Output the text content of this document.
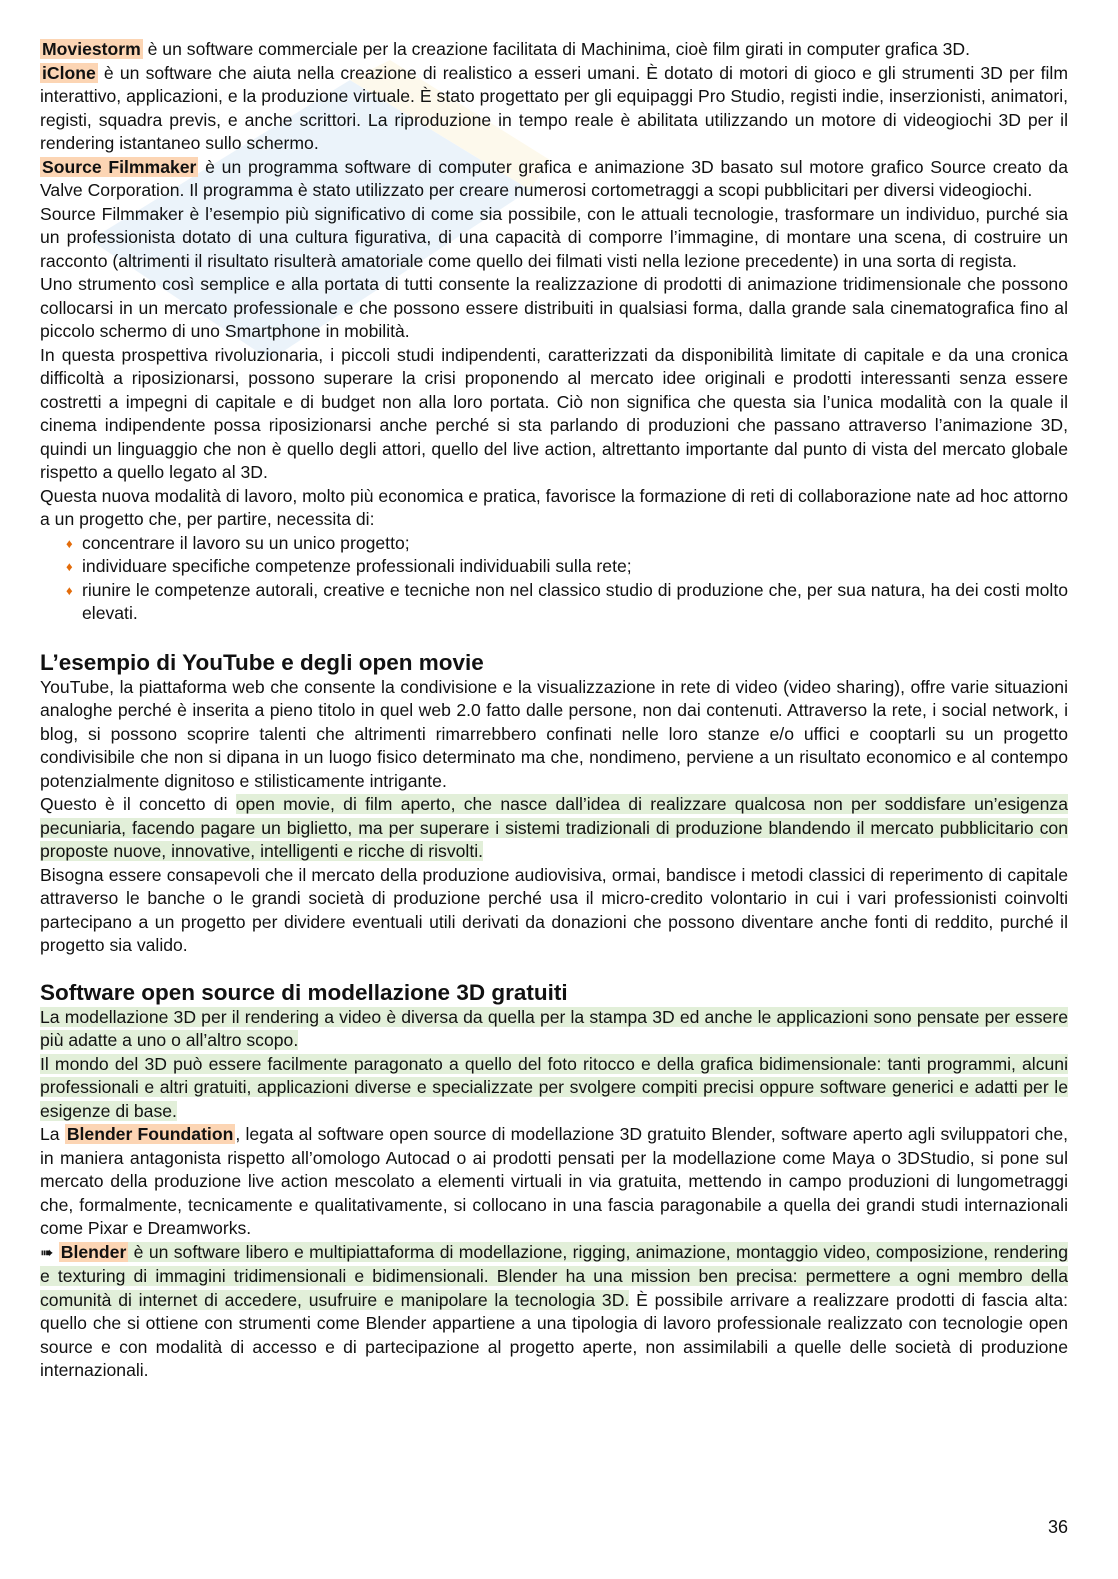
Moviestorm è un software commerciale per la creazione facilitata di Machinima, cioè film girati in computer grafica 3D.

iClone è un software che aiuta nella creazione di realistico a esseri umani. È dotato di motori di gioco e gli strumenti 3D per film interattivo, applicazioni, e la produzione virtuale. È stato progettato per gli equipaggi Pro Studio, registi indie, inserzionisti, animatori, registi, squadra previs, e anche scrittori. La riproduzione in tempo reale è abilitata utilizzando un motore di videogiochi 3D per il rendering istantaneo sullo schermo.

Source Filmmaker è un programma software di computer grafica e animazione 3D basato sul motore grafico Source creato da Valve Corporation. Il programma è stato utilizzato per creare numerosi cortometraggi a scopi pubblicitari per diversi videogiochi.

Source Filmmaker è l’esempio più significativo di come sia possibile, con le attuali tecnologie, trasformare un individuo, purché sia un professionista dotato di una cultura figurativa, di una capacità di comporre l’immagine, di montare una scena, di costruire un racconto (altrimenti il risultato risulterà amatoriale come quello dei filmati visti nella lezione precedente) in una sorta di regista.

Uno strumento così semplice e alla portata di tutti consente la realizzazione di prodotti di animazione tridimensionale che possono collocarsi in un mercato professionale e che possono essere distribuiti in qualsiasi forma, dalla grande sala cinematografica fino al piccolo schermo di uno Smartphone in mobilità.

In questa prospettiva rivoluzionaria, i piccoli studi indipendenti, caratterizzati da disponibilità limitate di capitale e da una cronica difficoltà a riposizionarsi, possono superare la crisi proponendo al mercato idee originali e prodotti interessanti senza essere costretti a impegni di capitale e di budget non alla loro portata. Ciò non significa che questa sia l’unica modalità con la quale il cinema indipendente possa riposizionarsi anche perché si sta parlando di produzioni che passano attraverso l’animazione 3D, quindi un linguaggio che non è quello degli attori, quello del live action, altrettanto importante dal punto di vista del mercato globale rispetto a quello legato al 3D.

Questa nuova modalità di lavoro, molto più economica e pratica, favorisce la formazione di reti di collaborazione nate ad hoc attorno a un progetto che, per partire, necessita di:

♦ concentrare il lavoro su un unico progetto;
♦ individuare specifiche competenze professionali individuabili sulla rete;
♦ riunire le competenze autorali, creative e tecniche non nel classico studio di produzione che, per sua natura, ha dei costi molto elevati.
L’esempio di YouTube e degli open movie

YouTube, la piattaforma web che consente la condivisione e la visualizzazione in rete di video (video sharing), offre varie situazioni analoghe perché è inserita a pieno titolo in quel web 2.0 fatto dalle persone, non dai contenuti. Attraverso la rete, i social network, i blog, si possono scoprire talenti che altrimenti rimarrebbero confinati nelle loro stanze e/o uffici e cooptarli su un progetto condivisibile che non si dipana in un luogo fisico determinato ma che, nondimeno, perviene a un risultato economico e al contempo potenzialmente dignitoso e stilisticamente intrigante.

Questo è il concetto di open movie, di film aperto, che nasce dall’idea di realizzare qualcosa non per soddisfare un’esigenza pecuniaria, facendo pagare un biglietto, ma per superare i sistemi tradizionali di produzione blandendo il mercato pubblicitario con proposte nuove, innovative, intelligenti e ricche di risvolti.

Bisogna essere consapevoli che il mercato della produzione audiovisiva, ormai, bandisce i metodi classici di reperimento di capitale attraverso le banche o le grandi società di produzione perché usa il micro-credito volontario in cui i vari professionisti coinvolti partecipano a un progetto per dividere eventuali utili derivati da donazioni che possono diventare anche fonti di reddito, purché il progetto sia valido.

Software open source di modellazione 3D gratuiti

La modellazione 3D per il rendering a video è diversa da quella per la stampa 3D ed anche le applicazioni sono pensate per essere più adatte a uno o all’altro scopo.

Il mondo del 3D può essere facilmente paragonato a quello del foto ritocco e della grafica bidimensionale: tanti programmi, alcuni professionali e altri gratuiti, applicazioni diverse e specializzate per svolgere compiti precisi oppure software generici e adatti per le esigenze di base.

La Blender Foundation , legata al software open source di modellazione 3D gratuito Blender, software aperto agli sviluppatori che, in maniera antagonista rispetto all’omologo Autocad o ai prodotti pensati per la modellazione come Maya o 3DStudio, si pone sul mercato della produzione live action mescolato a elementi virtuali in via gratuita, mettendo in campo produzioni di lungometraggi che, formalmente, tecnicamente e qualitativamente, si collocano in una fascia paragonabile a quella dei grandi studi internazionali come Pixar e Dreamworks.

➠ Blender è un software libero e multipiattaforma di modellazione, rigging, animazione, montaggio video, composizione, rendering e texturing di immagini tridimensionali e bidimensionali. Blender ha una mission ben precisa: permettere a ogni membro della comunità di internet di accedere, usufruire e manipolare la tecnologia 3D. È possibile arrivare a realizzare prodotti di fascia alta: quello che si ottiene con strumenti come Blender appartiene a una tipologia di lavoro professionale realizzato con tecnologie open source e con modalità di accesso e di partecipazione al progetto aperte, non assimilabili a quelle delle società di produzione internazionali.

36
